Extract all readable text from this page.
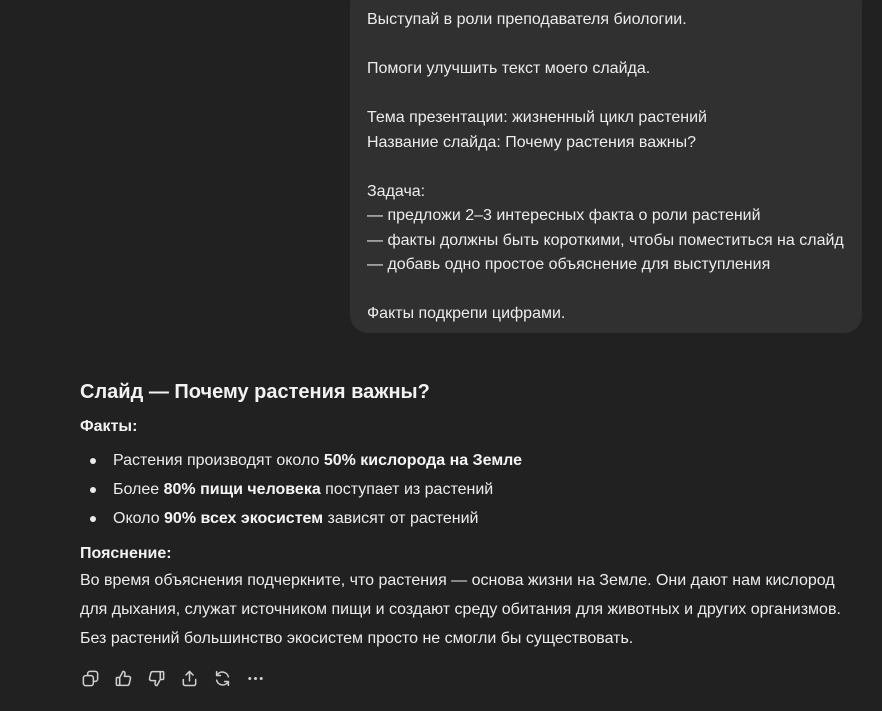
Выступай в роли преподавателя биологии.
Помоги улучшить текст моего слайда.
Тема презентации: жизненный цикл растений
Название слайда: Почему растения важны?
Задача:
— предложи 2–3 интересных факта о роли растений
— факты должны быть короткими, чтобы поместиться на слайд
— добавь одно простое объяснение для выступления
Факты подкрепи цифрами.
Слайд — Почему растения важны?
Факты:
Растения производят около 50% кислорода на Земле
Более 80% пищи человека поступает из растений
Около 90% всех экосистем зависят от растений
Пояснение:
Во время объяснения подчеркните, что растения — основа жизни на Земле. Они дают нам кислород
для дыхания, служат источником пищи и создают среду обитания для животных и других организмов.
Без растений большинство экосистем просто не смогли бы существовать.
